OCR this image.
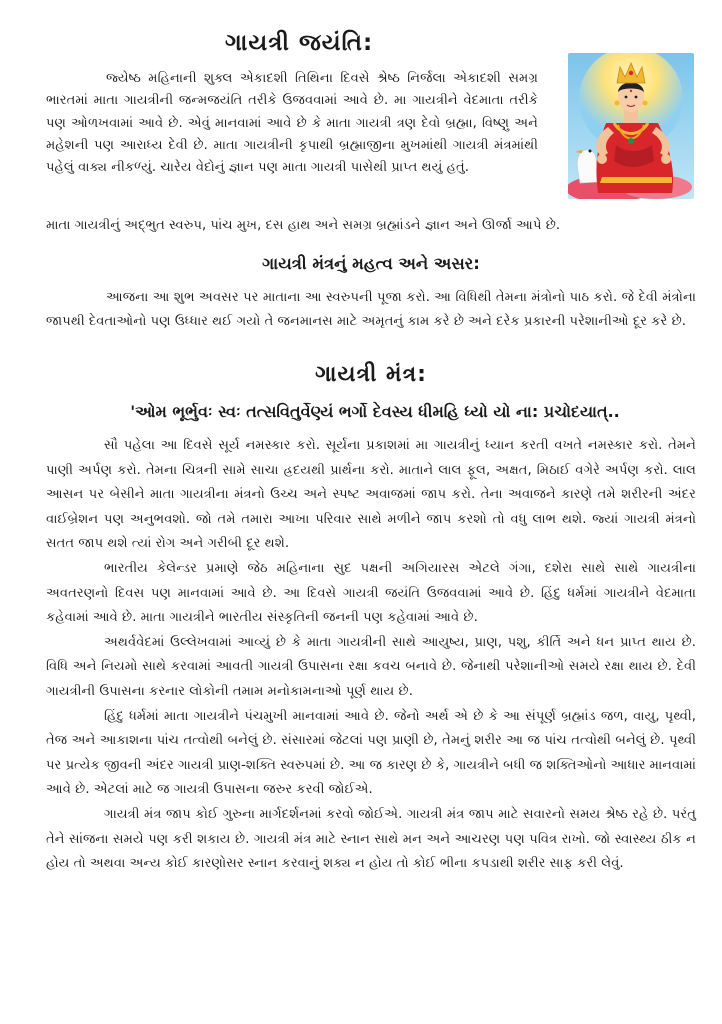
ગાયત્રી જયંતિ:

જ્યેષ્ઠ મહિનાની શુક્લ એકાદશી તિથિના દિવસે શ્રેષ્ઠ નિર્જલા એકાદશી સમગ્ર ભારતમાં માતા ગાયત્રીની જન્મજયંતિ તરીકે ઉજવવામાં આવે છે. મા ગાયત્રીને વેદમાતા તરીકે પણ ઓળખવામાં આવે છે. એવું માનવામાં આવે છે કે માતા ગાયત્રી ત્રણ દેવો બ્રહ્મા, વિષ્ણુ અને મહેશની પણ આરાધ્ય દેવી છે. માતા ગાયત્રીની કૃપાથી બ્રહ્માજીના મુખમાંથી ગાયત્રી મંત્રમાંથી પહેલું વાક્ય નીકળ્યું. ચારેય વેદોનું જ્ઞાન પણ માતા ગાયત્રી પાસેથી પ્રાપ્ત થયું હતું.

માતા ગાયત્રીનું અદ્ભુત સ્વરુપ, પાંચ મુખ, દસ હાથ અને સમગ્ર બ્રહ્માંડને જ્ઞાન અને ઊર્જા આપે છે.

ગાયત્રી મંત્રનું મહત્વ અને અસર:

આજના આ શુભ અવસર પર માતાના આ સ્વરુપની પૂજા કરો. આ વિધિથી તેમના મંત્રોનો પાઠ કરો. જે દેવી મંત્રોના જાપથી દેવતાઓનો પણ ઉધ્ધાર થઈ ગયો તે જનમાનસ માટે અમૃતનું કામ કરે છે અને દરેક પ્રકારની પરેશાનીઓ દૂર કરે છે.

ગાયત્રી મંત્ર:

'ઓમ ભૂર્ભુવઃ સ્વઃ તત્સવિતુર્વેણ્યં ભર્ગો દેવસ્ય ધીમહિ ધ્યો યો ના: પ્રચોદયાત્..

સૌ પહેલા આ દિવસે સૂર્ય નમસ્કાર કરો. સૂર્યના પ્રકાશમાં મા ગાયત્રીનું ધ્યાન કરતી વખતે નમસ્કાર કરો. તેમને પાણી અર્પણ કરો. તેમના ચિત્રની સામે સાચા હ્રદયથી પ્રાર્થના કરો. માતાને લાલ ફૂલ, અક્ષત, મિઠાઈ વગેરે અર્પણ કરો. લાલ આસન પર બેસીને માતા ગાયત્રીના મંત્રનો ઉચ્ચ અને સ્પષ્ટ અવાજમાં જાપ કરો. તેના અવાજને કારણે તમે શરીરની અંદર વાઈબ્રેશન પણ અનુભવશો. જો તમે તમારા આખા પરિવાર સાથે મળીને જાપ કરશો તો વધુ લાભ થશે. જ્યાં ગાયત્રી મંત્રનો સતત જાપ થશે ત્યાં રોગ અને ગરીબી દૂર થશે.

ભારતીય કેલેન્ડર પ્રમાણે જેઠ મહિનાના સુદ પક્ષની અગિયારસ એટલે ગંગા, દશેરા સાથે સાથે ગાયત્રીના અવતરણનો દિવસ પણ માનવામાં આવે છે. આ દિવસે ગાયત્રી જયંતિ ઉજવવામાં આવે છે. હિંદુ ધર્મમાં ગાયત્રીને વેદમાતા કહેવામાં આવે છે. માતા ગાયત્રીને ભારતીય સંસ્કૃતિની જનની પણ કહેવામાં આવે છે.

અથર્વવેદમાં ઉલ્લેખવામાં આવ્યું છે કે માતા ગાયત્રીની સાથે આયુષ્ય, પ્રાણ, પશુ, કીર્તિ અને ધન પ્રાપ્ત થાય છે. વિધિ અને નિયમો સાથે કરવામાં આવતી ગાયત્રી ઉપાસના રક્ષા કવચ બનાવે છે. જેનાથી પરેશાનીઓ સમયે રક્ષા થાય છે. દેવી ગાયત્રીની ઉપાસના કરનાર લોકોની તમામ મનોકામનાઓ પૂર્ણ થાય છે.

હિંદુ ધર્મમાં માતા ગાયત્રીને પંચમુખી માનવામાં આવે છે. જેનો અર્થ એ છે કે આ સંપૂર્ણ બ્રહ્માંડ જળ, વાયુ, પૃથ્વી, તેજ અને આકાશના પાંચ તત્વોથી બનેલું છે. સંસારમાં જેટલાં પણ પ્રાણી છે, તેમનું શરીર આ જ પાંચ તત્વોથી બનેલું છે. પૃથ્વી પર પ્રત્યેક જીવની અંદર ગાયત્રી પ્રાણ-શક્તિ સ્વરુપમાં છે. આ જ કારણ છે કે, ગાયત્રીને બધી જ શક્તિઓનો આધાર માનવામાં આવે છે. એટલાં માટે જ ગાયત્રી ઉપાસના જરુર કરવી જોઈએ.

ગાયત્રી મંત્ર જાપ કોઈ ગુરુના માર્ગદર્શનમાં કરવો જોઈએ. ગાયત્રી મંત્ર જાપ માટે સવારનો સમય શ્રેષ્ઠ રહે છે. પરંતુ તેને સાંજના સમયે પણ કરી શકાય છે. ગાયત્રી મંત્ર માટે સ્નાન સાથે મન અને આચરણ પણ પવિત્ર રાખો. જો સ્વાસ્થ્ય ઠીક ન હોય તો અથવા અન્ય કોઈ કારણોસર સ્નાન કરવાનું શક્ય ન હોય તો કોઈ ભીના કપડાથી શરીર સાફ કરી લેવું.
